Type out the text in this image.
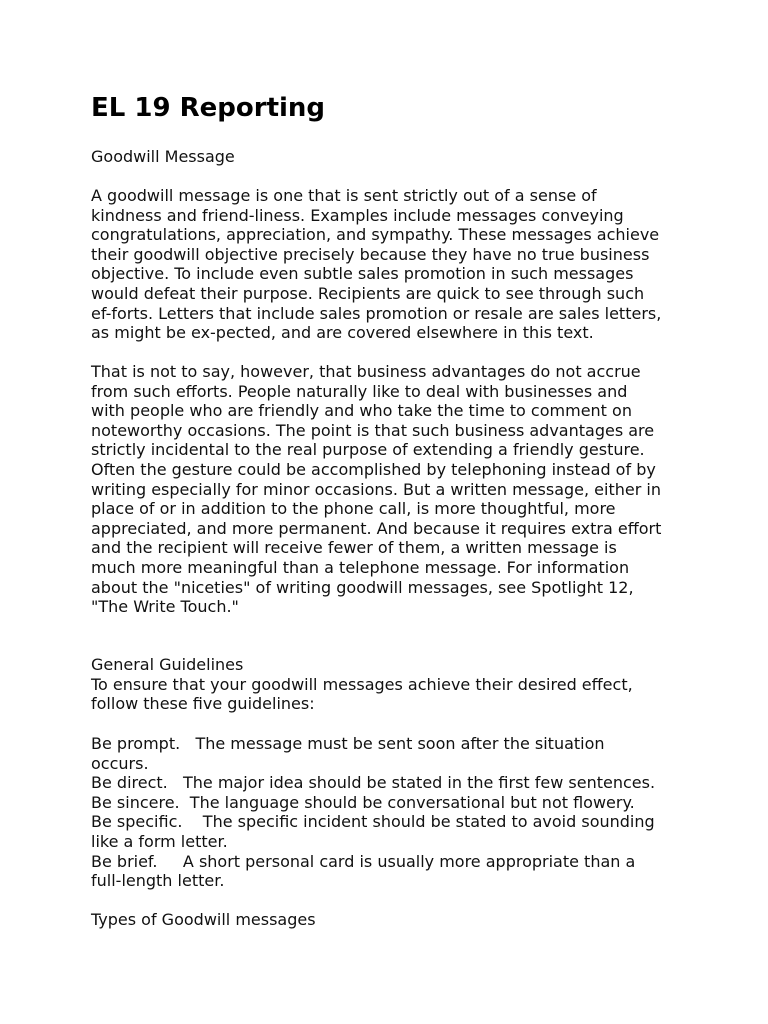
EL 19 Reporting

Goodwill Message

A goodwill message is one that is sent strictly out of a sense of
kindness and friend-liness. Examples include messages conveying
congratulations, appreciation, and sympathy. These messages achieve
their goodwill objective precisely because they have no true business
objective. To include even subtle sales promotion in such messages
would defeat their purpose. Recipients are quick to see through such
ef-forts. Letters that include sales promotion or resale are sales letters,
as might be ex-pected, and are covered elsewhere in this text.
That is not to say, however, that business advantages do not accrue
from such efforts. People naturally like to deal with businesses and
with people who are friendly and who take the time to comment on
noteworthy occasions. The point is that such business advantages are
strictly incidental to the real purpose of extending a friendly gesture.
Often the gesture could be accomplished by telephoning instead of by
writing especially for minor occasions. But a written message, either in
place of or in addition to the phone call, is more thoughtful, more
appreciated, and more permanent. And because it requires extra effort
and the recipient will receive fewer of them, a written message is
much more meaningful than a telephone message. For information
about the "niceties" of writing goodwill messages, see Spotlight 12,
"The Write Touch."
General Guidelines
To ensure that your goodwill messages achieve their desired effect,
follow these five guidelines:
Be prompt.   The message must be sent soon after the situation
occurs.
Be direct.   The major idea should be stated in the first few sentences.
Be sincere.  The language should be conversational but not flowery.
Be specific.    The specific incident should be stated to avoid sounding
like a form letter.
Be brief.     A short personal card is usually more appropriate than a
full-length letter.
Types of Goodwill messages
